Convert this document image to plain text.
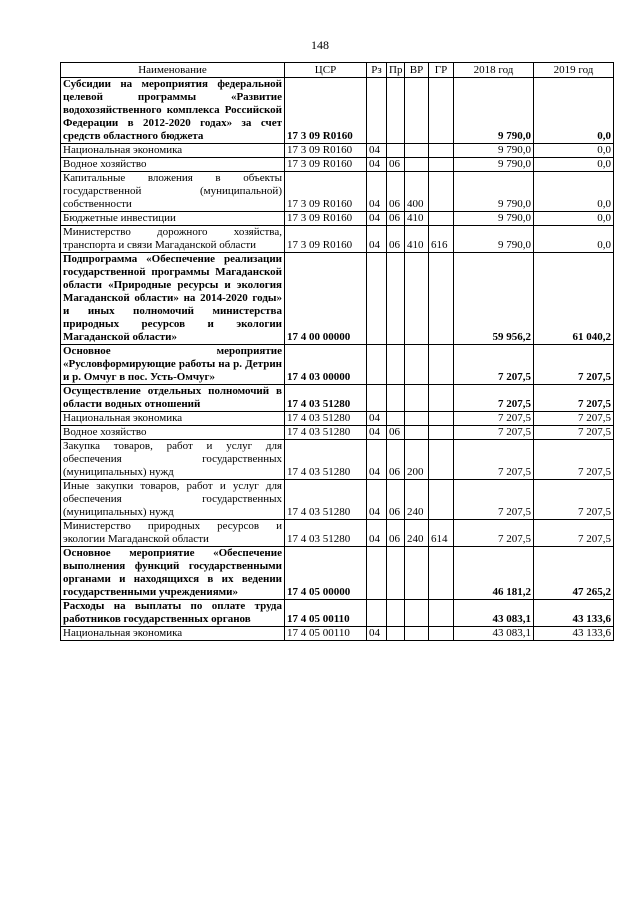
148
Наименование	ЦСР	Рз	Пр	ВР	ГР	2018 год	2019 год
Субсидии на мероприятия федеральной целевой программы «Развитие водохозяйственного комплекса Российской Федерации в 2012-2020 годах» за счет средств областного бюджета	17 3 09 R0160					9 790,0	0,0
Национальная экономика	17 3 09 R0160	04				9 790,0	0,0
Водное хозяйство	17 3 09 R0160	04	06			9 790,0	0,0
Капитальные вложения в объекты государственной (муниципальной) собственности	17 3 09 R0160	04	06	400		9 790,0	0,0
Бюджетные инвестиции	17 3 09 R0160	04	06	410		9 790,0	0,0
Министерство дорожного хозяйства, транспорта и связи Магаданской области	17 3 09 R0160	04	06	410	616	9 790,0	0,0
Подпрограмма «Обеспечение реализации государственной программы Магаданской области «Природные ресурсы и экология Магаданской области» на 2014-2020 годы» и иных полномочий министерства природных ресурсов и экологии Магаданской области»	17 4 00 00000					59 956,2	61 040,2
Основное мероприятие «Русловформирующие работы на р. Детрин и р. Омчуг в пос. Усть-Омчуг»	17 4 03 00000					7 207,5	7 207,5
Осуществление отдельных полномочий в области водных отношений	17 4 03 51280					7 207,5	7 207,5
Национальная экономика	17 4 03 51280	04				7 207,5	7 207,5
Водное хозяйство	17 4 03 51280	04	06			7 207,5	7 207,5
Закупка товаров, работ и услуг для обеспечения государственных (муниципальных) нужд	17 4 03 51280	04	06	200		7 207,5	7 207,5
Иные закупки товаров, работ и услуг для обеспечения государственных (муниципальных) нужд	17 4 03 51280	04	06	240		7 207,5	7 207,5
Министерство природных ресурсов и экологии Магаданской области	17 4 03 51280	04	06	240	614	7 207,5	7 207,5
Основное мероприятие «Обеспечение выполнения функций государственными органами и находящихся в их ведении государственными учреждениями»	17 4 05 00000					46 181,2	47 265,2
Расходы на выплаты по оплате труда работников государственных органов	17 4 05 00110					43 083,1	43 133,6
Национальная экономика	17 4 05 00110	04				43 083,1	43 133,6
